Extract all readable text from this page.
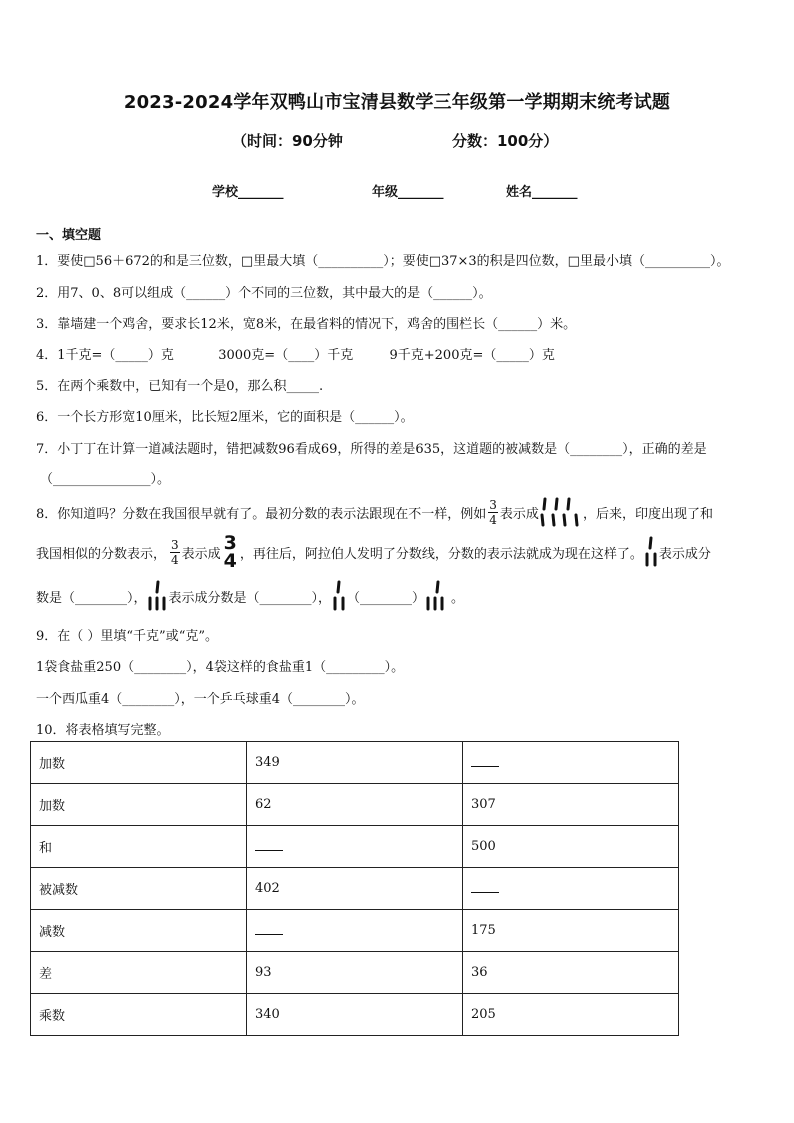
2023-2024学年双鸭山市宝清县数学三年级第一学期期末统考试题
（时间：90分钟	分数：100分）
学校_______	年级_______	姓名_______
一、填空题
1．要使□56＋672的和是三位数，□里最大填（__________）；要使□37×3的积是四位数，□里最小填（__________）。
2．用7、0、8可以组成（______）个不同的三位数，其中最大的是（______）。
3．靠墙建一个鸡舍，要求长12米，宽8米，在最省料的情况下，鸡舍的围栏长（______）米。
4．1千克=（_____）克	3000克=（____）千克	9千克+200克=（_____）克
5．在两个乘数中，已知有一个是0，那么积_____.
6．一个长方形宽10厘米，比长短2厘米，它的面积是（______）。
7．小丁丁在计算一道减法题时，错把减数96看成69，所得的差是635，这道题的被减数是（________），正确的差是
（_______________）。
8．你知道吗？分数在我国很早就有了。最初分数的表示法跟现在不一样，例如 $\frac{3}{4}$ 表示成	，后来，印度出现了和
我国相似的分数表示， $\frac{3}{4}$ 表示成
3
4 ，再往后，阿拉伯人发明了分数线，分数的表示法就成为现在这样了。 表示成分
数是（________）， 表示成分数是（________）， （________） 。
9．在（ ）里填“千克”或“克”。
1袋食盐重250（________），4袋这样的食盐重1（_________）。
一个西瓜重4（________），一个乒乓球重4（________）。
10．将表格填写完整。
加数	349	
加数	62	307
和		500
被减数	402	
减数		175
差	93	36
乘数	340	205
